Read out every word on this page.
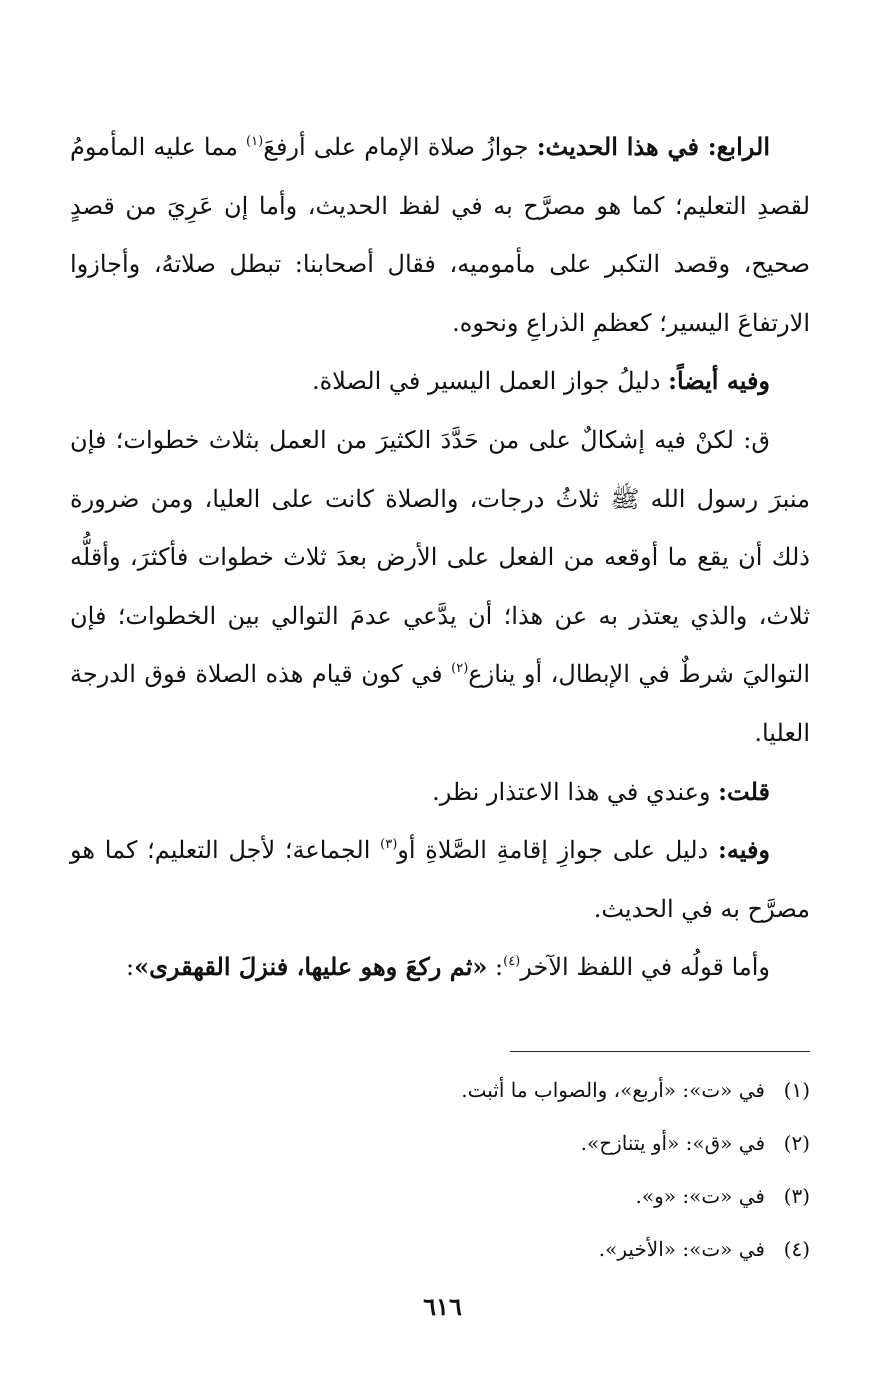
الرابع: في هذا الحديث: جوازُ صلاة الإمام على أرفعَ$^{(١)}$ مما عليه المأمومُ لقصدِ التعليم؛ كما هو مصرَّح به في لفظ الحديث، وأما إن عَرِيَ من قصدٍ صحيح، وقصد التكبر على مأموميه، فقال أصحابنا: تبطل صلاتهُ، وأجازوا الارتفاعَ اليسير؛ كعظمِ الذراعِ ونحوه.

وفيه أيضاً: دليلُ جواز العمل اليسير في الصلاة.

ق: لكنْ فيه إشكالٌ على من حَدَّدَ الكثيرَ من العمل بثلاث خطوات؛ فإن منبرَ رسول الله ﷺ ثلاثُ درجات، والصلاة كانت على العليا، ومن ضرورة ذلك أن يقع ما أوقعه من الفعل على الأرض بعدَ ثلاث خطوات فأكثرَ، وأقلُّه ثلاث، والذي يعتذر به عن هذا؛ أن يدَّعي عدمَ التوالي بين الخطوات؛ فإن التواليَ شرطٌ في الإبطال، أو ينازع$^{(٢)}$ في كون قيام هذه الصلاة فوق الدرجة العليا.

قلت: وعندي في هذا الاعتذار نظر.

وفيه: دليل على جوازِ إقامةِ الصَّلاةِ أو$^{(٣)}$ الجماعة؛ لأجل التعليم؛ كما هو مصرَّح به في الحديث.

وأما قولُه في اللفظ الآخر$^{(٤)}$: «ثم ركعَ وهو عليها، فنزلَ القهقرى»:

(١)في «ت»: «أربع»، والصواب ما أثبت.
(٢)في «ق»: «أو يتنازح».
(٣)في «ت»: «و».
(٤)في «ت»: «الأخير».
٦١٦
